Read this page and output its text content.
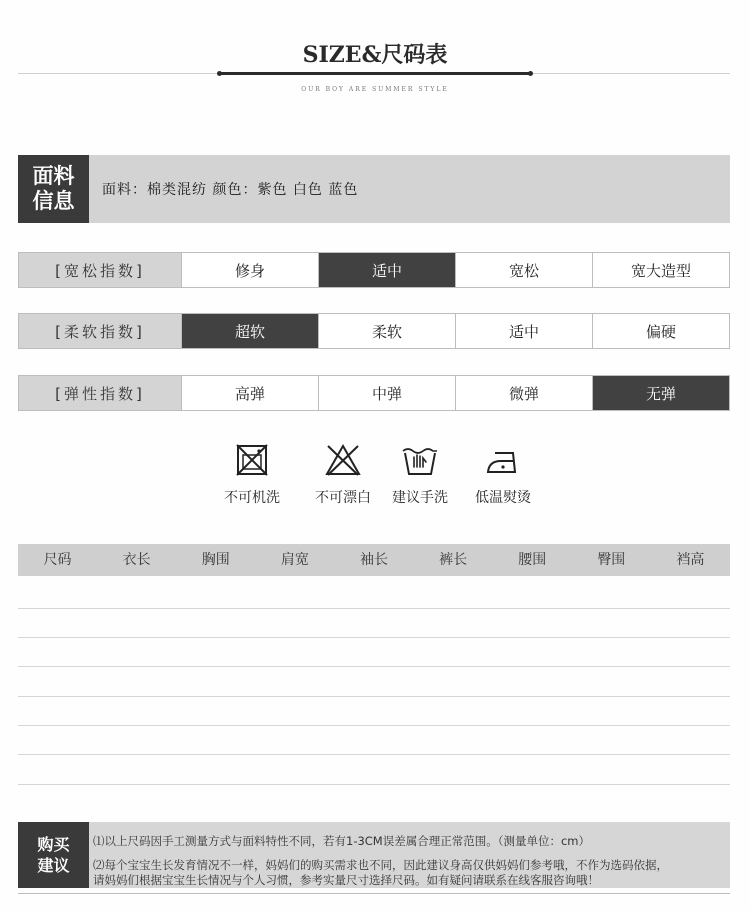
SIZE&尺码表
OUR BOY ARE SUMMER STYLE
面料
信息 面料：棉类混纺 颜色：紫色 白色 蓝色
[宽松指数]	修身	适中	宽松	宽大造型
[柔软指数]	超软	柔软	适中	偏硬
[弹性指数]	高弹	中弹	微弹	无弹
不可机洗	不可漂白	建议手洗	低温熨烫
尺码	衣长	胸围	肩宽	袖长	裤长	腰围	臀围	裆高
购买
建议
⑴以上尺码因手工测量方式与面料特性不同，若有1-3CM误差属合理正常范围。（测量单位：cm）
⑵每个宝宝生长发育情况不一样，妈妈们的购买需求也不同，因此建议身高仅供妈妈们参考哦，不作为选码依据，
请妈妈们根据宝宝生长情况与个人习惯，参考实量尺寸选择尺码。如有疑问请联系在线客服咨询哦！
